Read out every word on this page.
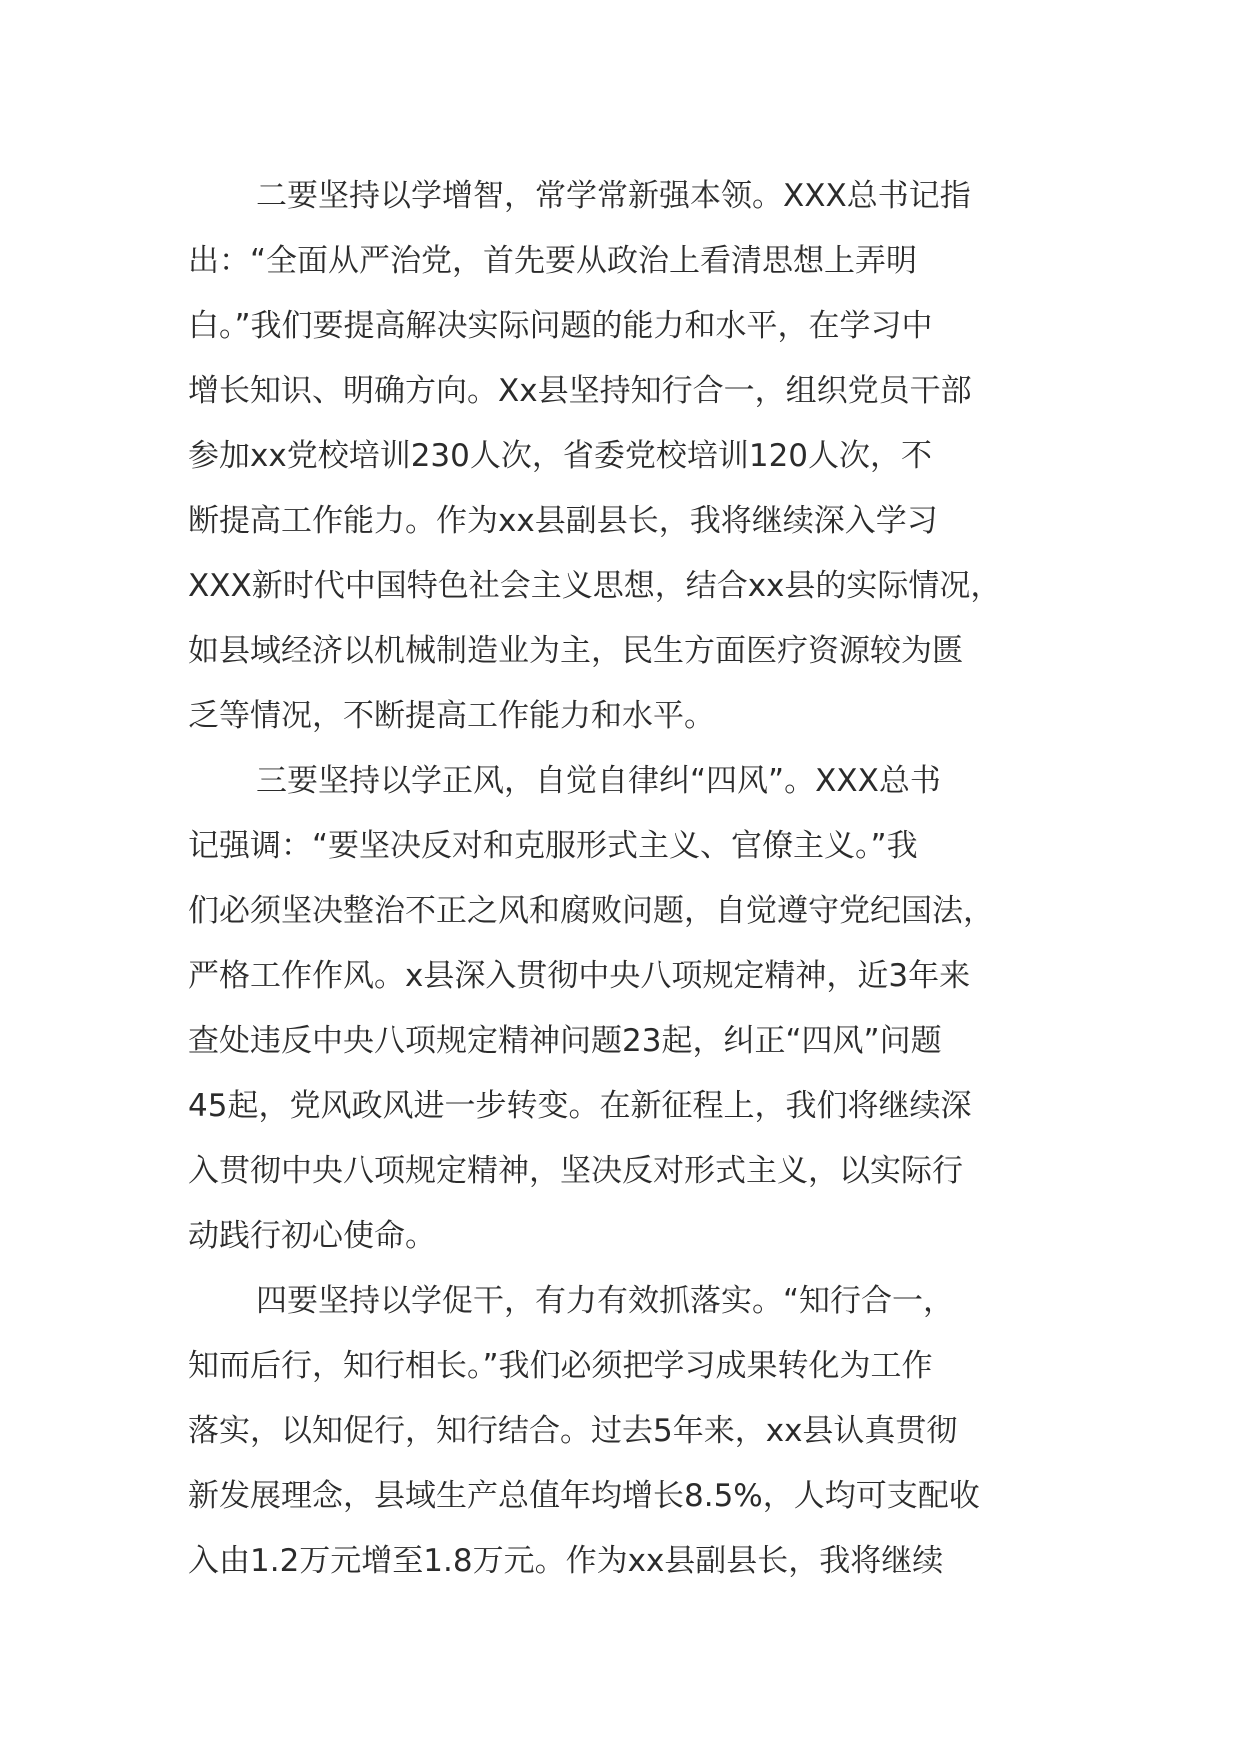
二要坚持以学增智，常学常新强本领。XXX总书记指
出：“全面从严治党，首先要从政治上看清思想上弄明
白。”我们要提高解决实际问题的能力和水平，在学习中
增长知识、明确方向。Xx县坚持知行合一，组织党员干部
参加xx党校培训230人次，省委党校培训120人次，不
断提高工作能力。作为xx县副县长，我将继续深入学习
XXX新时代中国特色社会主义思想，结合xx县的实际情况，
如县域经济以机械制造业为主，民生方面医疗资源较为匮
乏等情况，不断提高工作能力和水平。
三要坚持以学正风，自觉自律纠“四风”。XXX总书
记强调：“要坚决反对和克服形式主义、官僚主义。”我
们必须坚决整治不正之风和腐败问题，自觉遵守党纪国法，
严格工作作风。x县深入贯彻中央八项规定精神，近3年来
查处违反中央八项规定精神问题23起，纠正“四风”问题
45起，党风政风进一步转变。在新征程上，我们将继续深
入贯彻中央八项规定精神，坚决反对形式主义，以实际行
动践行初心使命。
四要坚持以学促干，有力有效抓落实。“知行合一，
知而后行，知行相长。”我们必须把学习成果转化为工作
落实，以知促行，知行结合。过去5年来，xx县认真贯彻
新发展理念，县域生产总值年均增长8.5%，人均可支配收
入由1.2万元增至1.8万元。作为xx县副县长，我将继续
